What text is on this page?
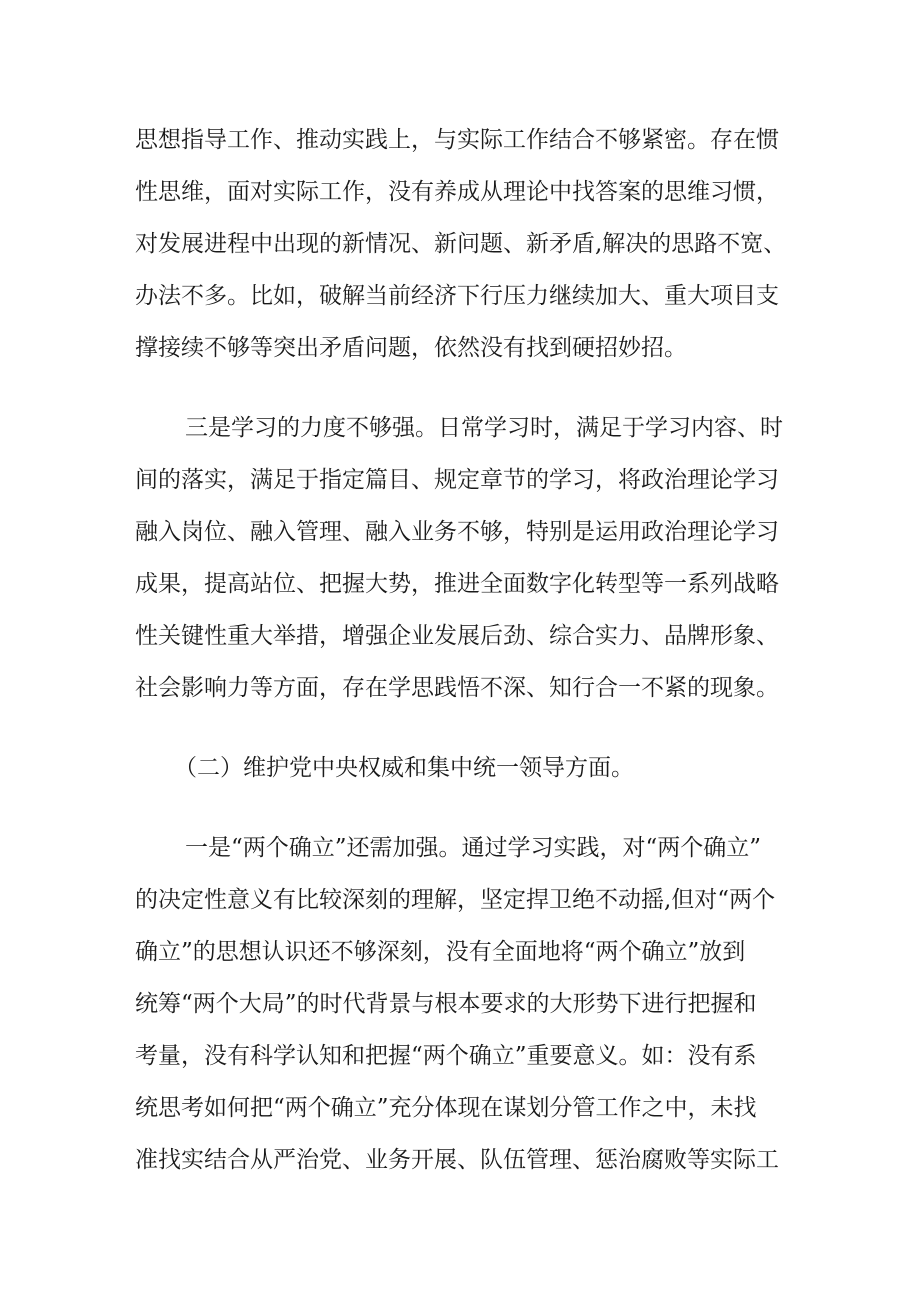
思想指导工作、推动实践上，与实际工作结合不够紧密。存在惯
性思维，面对实际工作，没有养成从理论中找答案的思维习惯，
对发展进程中出现的新情况、新问题、新矛盾,解决的思路不宽、
办法不多。比如，破解当前经济下行压力继续加大、重大项目支
撑接续不够等突出矛盾问题，依然没有找到硬招妙招。
三是学习的力度不够强。日常学习时，满足于学习内容、时
间的落实，满足于指定篇目、规定章节的学习，将政治理论学习
融入岗位、融入管理、融入业务不够，特别是运用政治理论学习
成果，提高站位、把握大势，推进全面数字化转型等一系列战略
性关键性重大举措，增强企业发展后劲、综合实力、品牌形象、
社会影响力等方面，存在学思践悟不深、知行合一不紧的现象。
（二）维护党中央权威和集中统一领导方面。
一是“两个确立”还需加强。通过学习实践，对“两个确立”
的决定性意义有比较深刻的理解，坚定捍卫绝不动摇,但对“两个
确立”的思想认识还不够深刻，没有全面地将“两个确立”放到
统筹“两个大局”的时代背景与根本要求的大形势下进行把握和
考量，没有科学认知和把握“两个确立”重要意义。如：没有系
统思考如何把“两个确立”充分体现在谋划分管工作之中，未找
准找实结合从严治党、业务开展、队伍管理、惩治腐败等实际工
